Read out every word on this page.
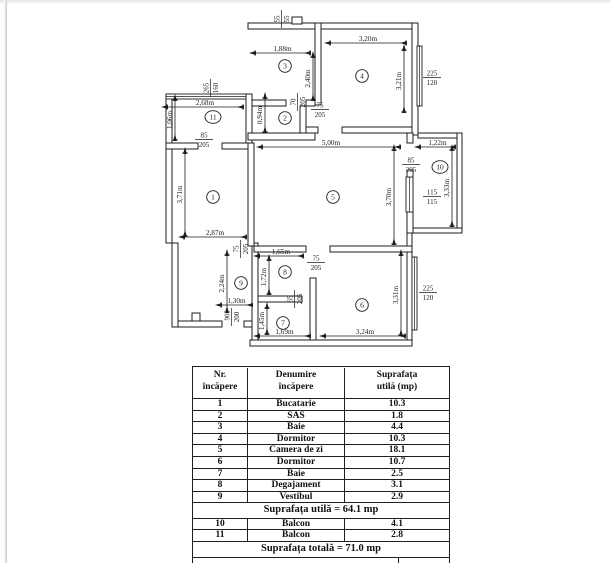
1,88m
3,20m
2,68m
5,00m	1,22m
2,87m
1,65m
1,30m
1,69m	3,24m
2,40m	3,21m
1,06m	0,94m
3,71m	3,70m	3,33m
2,24m	1,72m
1,45m
3,31m
55 55
265 160
85
205
70 205 75
205
225
120
85
205
115
115
225
120
75
205
75 205
65 205
90 200
1
2
3
4
5
6
7
8
9
10
11
Nr.
încăpere
Denumire
încăpere
Suprafața
utilă (mp)
1	Bucatarie	10.3
2	SAS	1.8
3	Baie	4.4
4	Dormitor	10.3
5	Camera de zi	18.1
6	Dormitor	10.7
7	Baie	2.5
8	Degajament	3.1
9	Vestibul	2.9
Suprafața utilă = 64.1 mp
10	Balcon	4.1
11	Balcon	2.8
Suprafața totală = 71.0 mp
